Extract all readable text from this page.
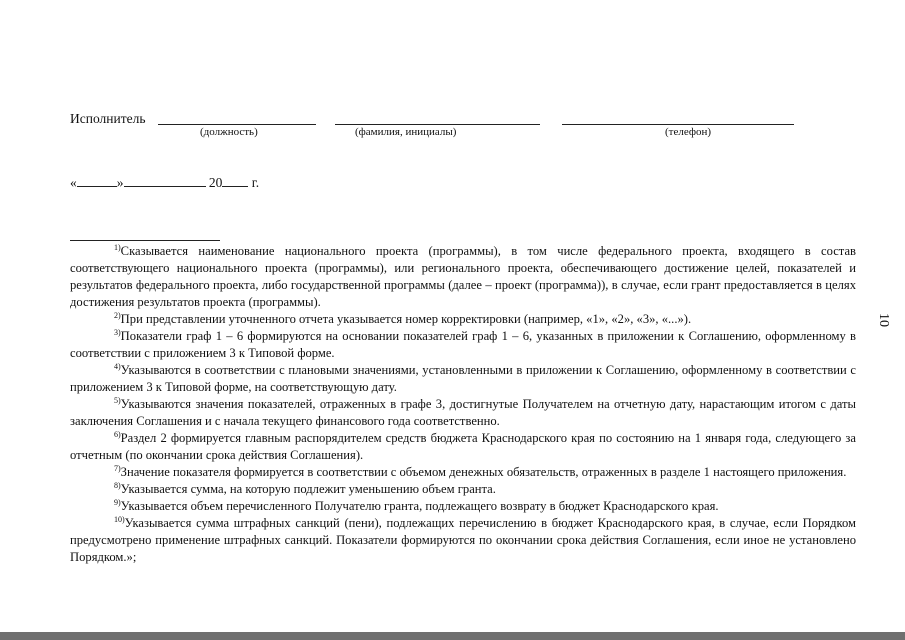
10
Исполнитель
(должность)	(фамилия, инициалы)	(телефон)
«	»	20 г.

$^{1)}$Сказывается наименование национального проекта (программы), в том числе федерального проекта, входящего в состав соответствующего национального проекта (программы), или регионального проекта, обеспечивающего достижение целей, показателей и результатов федерального проекта, либо государственной программы (далее – проект (программа)), в случае, если грант предоставляется в целях достижения результатов проекта (программы).

$^{2)}$При представлении уточненного отчета указывается номер корректировки (например, «1», «2», «3», «...»).

$^{3)}$Показатели граф 1 – 6 формируются на основании показателей граф 1 – 6, указанных в приложении к Соглашению, оформленному в соответствии с приложением 3 к Типовой форме.

$^{4)}$Указываются в соответствии с плановыми значениями, установленными в приложении к Соглашению, оформленному в соответствии с приложением 3 к Типовой форме, на соответствующую дату.

$^{5)}$Указываются значения показателей, отраженных в графе 3, достигнутые Получателем на отчетную дату, нарастающим итогом с даты заключения Соглашения и с начала текущего финансового года соответственно.

$^{6)}$Раздел 2 формируется главным распорядителем средств бюджета Краснодарского края по состоянию на 1 января года, следующего за отчетным (по окончании срока действия Соглашения).

$^{7)}$Значение показателя формируется в соответствии с объемом денежных обязательств, отраженных в разделе 1 настоящего приложения.

$^{8)}$Указывается сумма, на которую подлежит уменьшению объем гранта.

$^{9)}$Указывается объем перечисленного Получателю гранта, подлежащего возврату в бюджет Краснодарского края.

$^{10)}$Указывается сумма штрафных санкций (пени), подлежащих перечислению в бюджет Краснодарского края, в случае, если Порядком предусмотрено применение штрафных санкций. Показатели формируются по окончании срока действия Соглашения, если иное не установлено Порядком.»;
